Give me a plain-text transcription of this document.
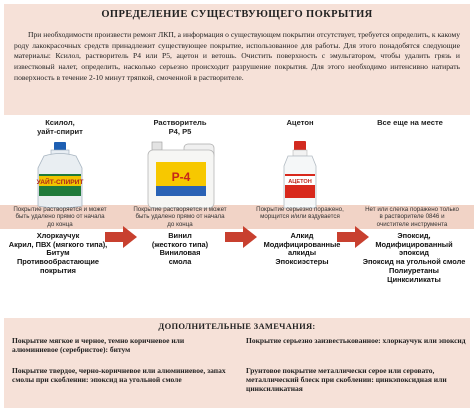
ОПРЕДЕЛЕНИЕ СУЩЕСТВУЮЩЕГО ПОКРЫТИЯ
При необходимости произвести ремонт ЛКП, а информация о существующем покрытии отсутствует, требуется определить, к какому роду лакокрасочных средств принадлежит существующее покрытие, использованное для работы. Для этого понадобятся следующие материалы: Ксилол, растворитель Р4 или Р5, ацетон и ветошь. Очистить поверхность с эмульгатором, чтобы удалить грязь и известковый налет, определить, насколько серьезно происходит разрушение покрытия. Для этого необходимо интенсивно натирать поверхность в течение 2-10 минут тряпкой, смоченной в растворителе.
Ксилол,
уайт-спирит
УАЙТ-СПИРИТ
Растворитель
Р4, Р5
Р-4
Ацетон
АЦЕТОН
Все еще на месте
Покрытие растворяется и может быть удалено прямо от начала до конца
Покрытие растворяется и может быть удалено прямо от начала до конца
Покрытие серьезно поражено, морщится и/или вздувается
Нет или слегка поражено только в растворителе 0846 и очистителе инструмента
Хлоркаучук
Акрил, ПВХ (мягкого типа),
Битум
Противообрастающие покрытия
Винил
(жесткого типа)
Виниловая
смола
Алкид
Модифицированные
алкиды
Эпоксиэстеры
Эпоксид,
Модифицированный эпоксид
Эпоксид на угольной смоле
Полиуретаны
Цинксиликаты
ДОПОЛНИТЕЛЬНЫЕ ЗАМЕЧАНИЯ:
Покрытие мягкое и черное, темно коричневое или алюминиевое (серебристое): битум
Покрытие серьезно заизвестькованное: хлоркаучук или эпоксид
Покрытие твердое, черно-коричневое или алюминиевое, запах смолы при скоблении: эпоксид на угольной смоле
Грунтовое покрытие металлически серое или серовато, металлический блеск при скоблении: цинкэпоксидная или цинксиликатная
